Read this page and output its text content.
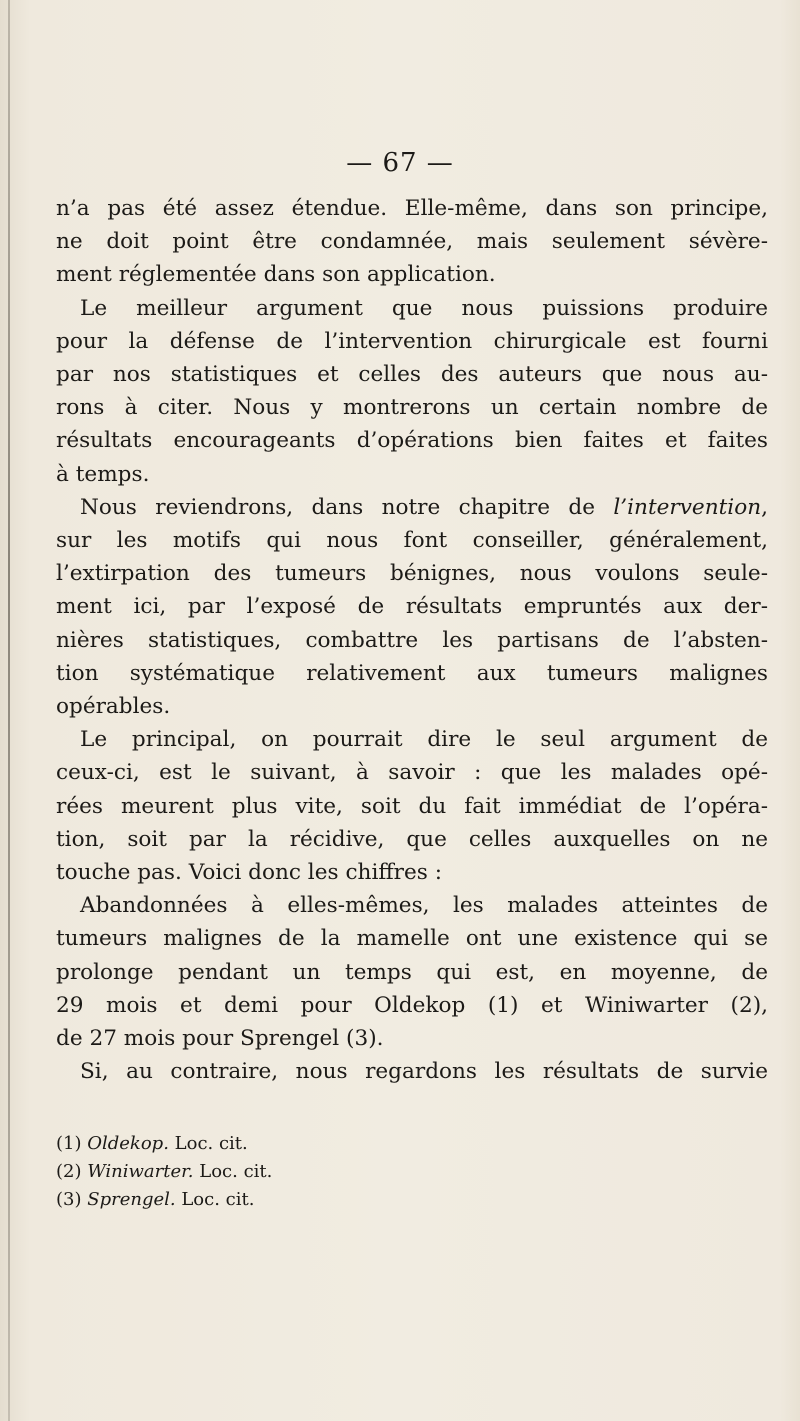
— 67 —
n’a pas été assez étendue. Elle-même, dans son principe,
ne doit point être condamnée, mais seulement sévère-
ment réglementée dans son application.
Le meilleur argument que nous puissions produire
pour la défense de l’intervention chirurgicale est fourni
par nos statistiques et celles des auteurs que nous au-
rons à citer. Nous y montrerons un certain nombre de
résultats encourageants d’opérations bien faites et faites
à temps.
Nous reviendrons, dans notre chapitre de l’intervention,
sur les motifs qui nous font conseiller, généralement,
l’extirpation des tumeurs bénignes, nous voulons seule-
ment ici, par l’exposé de résultats empruntés aux der-
nières statistiques, combattre les partisans de l’absten-
tion systématique relativement aux tumeurs malignes
opérables.
Le principal, on pourrait dire le seul argument de
ceux-ci, est le suivant, à savoir : que les malades opé-
rées meurent plus vite, soit du fait immédiat de l’opéra-
tion, soit par la récidive, que celles auxquelles on ne
touche pas. Voici donc les chiffres :
Abandonnées à elles-mêmes, les malades atteintes de
tumeurs malignes de la mamelle ont une existence qui se
prolonge pendant un temps qui est, en moyenne, de
29 mois et demi pour Oldekop (1) et Winiwarter (2),
de 27 mois pour Sprengel (3).
Si, au contraire, nous regardons les résultats de survie
(1) Oldekop. Loc. cit.
(2) Winiwarter. Loc. cit.
(3) Sprengel. Loc. cit.
